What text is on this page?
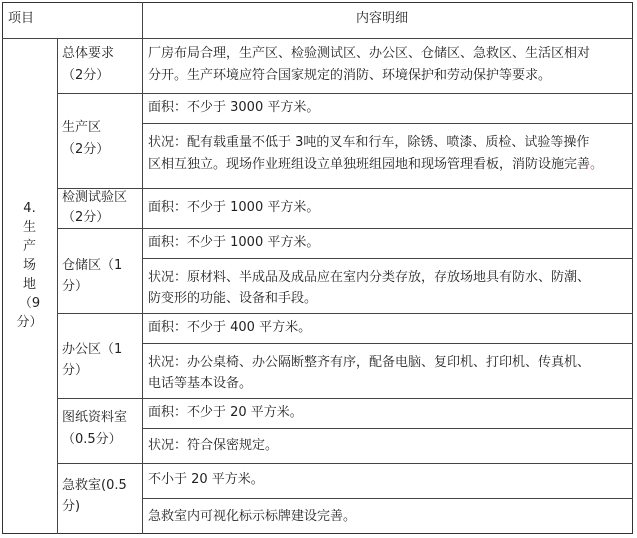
项目	内容明细
4.
生
产
场
地
（9
分）
总体要求
（2分）
厂房布局合理，生产区、检验测试区、办公区、仓储区、急救区、生活区相对
分开。生产环境应符合国家规定的消防、环境保护和劳动保护等要求。
生产区
（2分）
面积：不少于 3000 平方米。
状况：配有载重量不低于 3吨的叉车和行车，除锈、喷漆、质检、试验等操作
区相互独立。现场作业班组设立单独班组园地和现场管理看板，消防设施完善。
检测试验区
（2分）
面积：不少于 1000 平方米。
仓储区（1
分）
面积：不少于 1000 平方米。
状况：原材料、半成品及成品应在室内分类存放，存放场地具有防水、防潮、
防变形的功能、设备和手段。
办公区（1
分）
面积：不少于 400 平方米。
状况：办公桌椅、办公隔断整齐有序，配备电脑、复印机、打印机、传真机、
电话等基本设备。
图纸资料室
（0.5分）
面积：不少于 20 平方米。
状况：符合保密规定。
急救室(0.5
分)
不小于 20 平方米。
急救室内可视化标示标牌建设完善。
